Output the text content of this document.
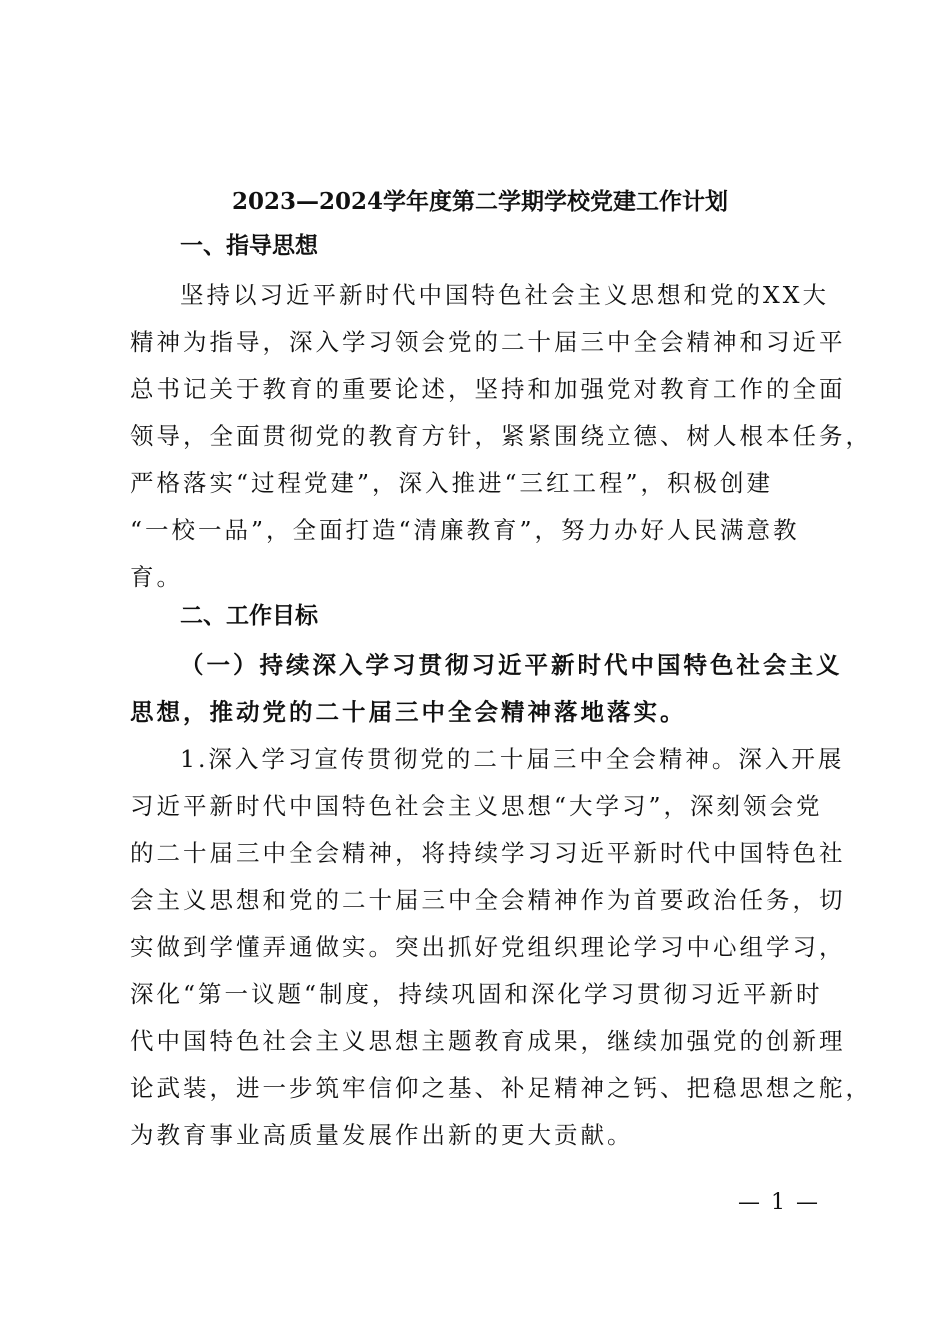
2023—2024学年度第二学期学校党建工作计划
一、指导思想

坚持以习近平新时代中国特色社会主义思想和党的XX大
精神为指导，深入学习领会党的二十届三中全会精神和习近平
总书记关于教育的重要论述，坚持和加强党对教育工作的全面
领导，全面贯彻党的教育方针，紧紧围绕立德、树人根本任务，
严格落实“过程党建”，深入推进“三红工程”，积极创建
“一校一品”，全面打造“清廉教育”，努力办好人民满意教
育。

二、工作目标

（一）持续深入学习贯彻习近平新时代中国特色社会主义
思想，推动党的二十届三中全会精神落地落实。

1.深入学习宣传贯彻党的二十届三中全会精神。深入开展
习近平新时代中国特色社会主义思想“大学习”，深刻领会党
的二十届三中全会精神，将持续学习习近平新时代中国特色社
会主义思想和党的二十届三中全会精神作为首要政治任务，切
实做到学懂弄通做实。突出抓好党组织理论学习中心组学习，
深化“第一议题“制度，持续巩固和深化学习贯彻习近平新时
代中国特色社会主义思想主题教育成果，继续加强党的创新理
论武装，进一步筑牢信仰之基、补足精神之钙、把稳思想之舵，
为教育事业高质量发展作出新的更大贡献。

— 1 —
